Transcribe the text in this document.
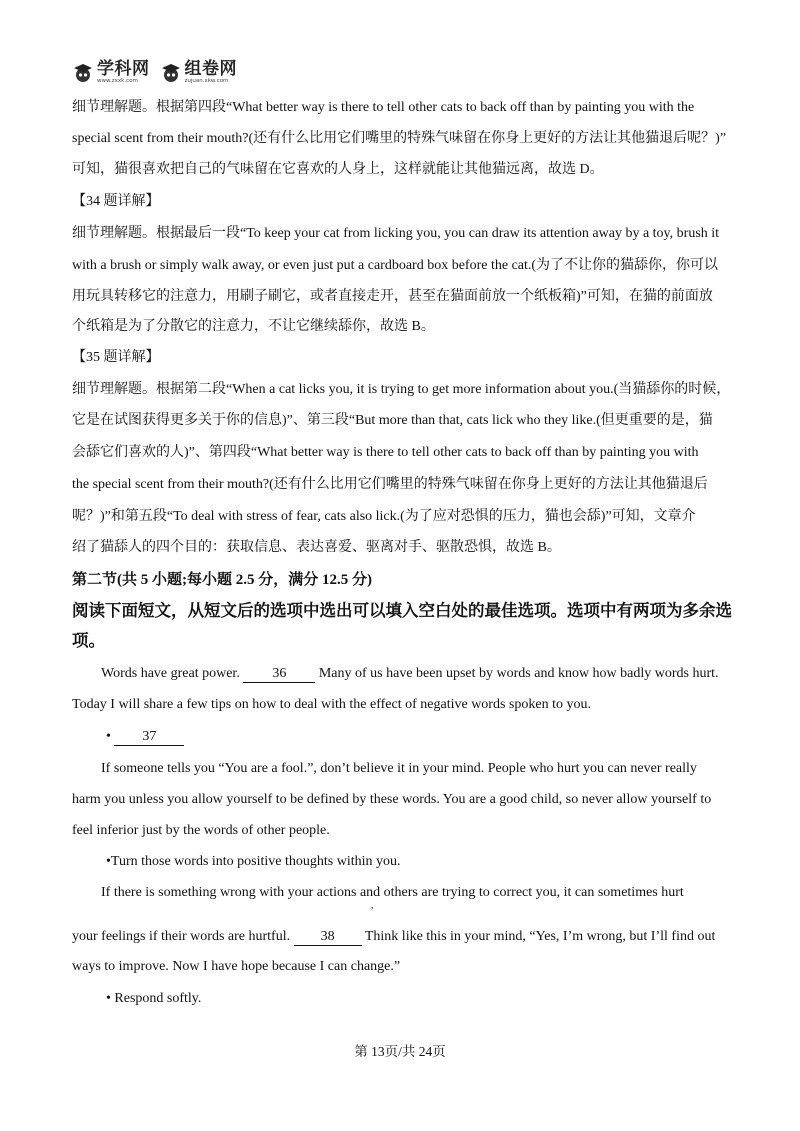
学科网
www.zxxk.com
组卷网
zujuan.xkw.com
细节理解题。根据第四段“What better way is there to tell other cats to back off than by painting you with the
special scent from their mouth?(还有什么比用它们嘴里的特殊气味留在你身上更好的方法让其他猫退后呢？)”
可知，猫很喜欢把自己的气味留在它喜欢的人身上，这样就能让其他猫远离，故选 D。
【34 题详解】
细节理解题。根据最后一段“To keep your cat from licking you, you can draw its attention away by a toy, brush it
with a brush or simply walk away, or even just put a cardboard box before the cat.(为了不让你的猫舔你，你可以
用玩具转移它的注意力，用刷子刷它，或者直接走开，甚至在猫面前放一个纸板箱)”可知，在猫的前面放
个纸箱是为了分散它的注意力，不让它继续舔你，故选 B。
【35 题详解】
细节理解题。根据第二段“When a cat licks you, it is trying to get more information about you.(当猫舔你的时候，
它是在试图获得更多关于你的信息)”、第三段“But more than that, cats lick who they like.(但更重要的是，猫
会舔它们喜欢的人)”、第四段“What better way is there to tell other cats to back off than by painting you with
the special scent from their mouth?(还有什么比用它们嘴里的特殊气味留在你身上更好的方法让其他猫退后
呢？)”和第五段“To deal with stress of fear, cats also lick.(为了应对恐惧的压力，猫也会舔)”可知，文章介
绍了猫舔人的四个目的：获取信息、表达喜爱、驱离对手、驱散恐惧，故选 B。
第二节(共 5 小题;每小题 2.5 分，满分 12.5 分)
阅读下面短文，从短文后的选项中选出可以填入空白处的最佳选项。选项中有两项为多余选
项。
Words have great power. 36 Many of us have been upset by words and know how badly words hurt.
Today I will share a few tips on how to deal with the effect of negative words spoken to you.
• 37
If someone tells you “You are a fool.”, don’t believe it in your mind. People who hurt you can never really
harm you unless you allow yourself to be defined by these words. You are a good child, so never allow yourself to
feel inferior just by the words of other people.
•Turn those words into positive thoughts within you.
If there is something wrong with your actions and others are trying to correct you, it can sometimes hurt
,
your feelings if their words are hurtful. 38 Think like this in your mind, “Yes, I’m wrong, but I’ll find out
ways to improve. Now I have hope because I can change.”
• Respond softly.
第 13页/共 24页
